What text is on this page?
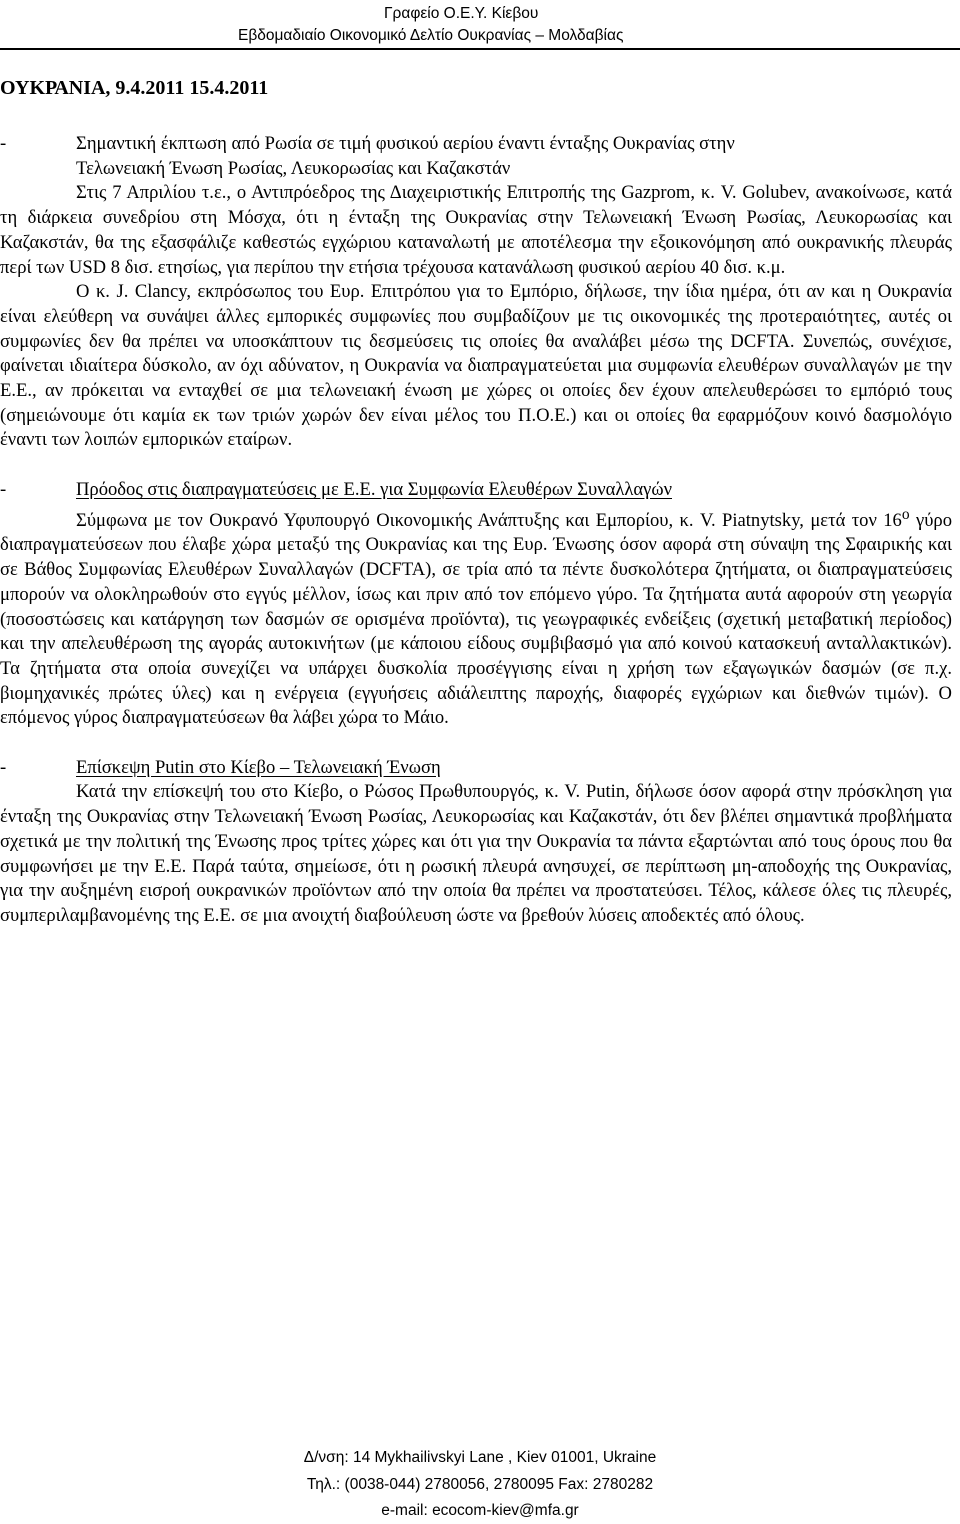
Γραφείο Ο.Ε.Υ. Κίεβου
Εβδομαδιαίο Οικονομικό Δελτίο Ουκρανίας – Μολδαβίας
ΟΥΚΡΑΝΙΑ, 9.4.2011 15.4.2011
-	Σημαντική έκπτωση από Ρωσία σε τιμή φυσικού αερίου έναντι ένταξης Ουκρανίας στην

Τελωνειακή Ένωση Ρωσίας, Λευκορωσίας και Καζακστάν

Στις 7 Απριλίου τ.ε., ο Αντιπρόεδρος της Διαχειριστικής Επιτροπής της Gazprom, κ. V. Golubev, ανακοίνωσε, κατά τη διάρκεια συνεδρίου στη Μόσχα, ότι η ένταξη της Ουκρανίας στην Τελωνειακή Ένωση Ρωσίας, Λευκορωσίας και Καζακστάν, θα της εξασφάλιζε καθεστώς εγχώριου καταναλωτή με αποτέλεσμα την εξοικονόμηση από ουκρανικής πλευράς περί των USD 8 δισ. ετησίως, για περίπου την ετήσια τρέχουσα κατανάλωση φυσικού αερίου 40 δισ. κ.μ.

Ο κ. J. Clancy, εκπρόσωπος του Ευρ. Επιτρόπου για το Εμπόριο, δήλωσε, την ίδια ημέρα, ότι αν και η Ουκρανία είναι ελεύθερη να συνάψει άλλες εμπορικές συμφωνίες που συμβαδίζουν με τις οικονομικές της προτεραιότητες, αυτές οι συμφωνίες δεν θα πρέπει να υποσκάπτουν τις δεσμεύσεις τις οποίες θα αναλάβει μέσω της DCFTA. Συνεπώς, συνέχισε, φαίνεται ιδιαίτερα δύσκολο, αν όχι αδύνατον, η Ουκρανία να διαπραγματεύεται μια συμφωνία ελευθέρων συναλλαγών με την Ε.Ε., αν πρόκειται να ενταχθεί σε μια τελωνειακή ένωση με χώρες οι οποίες δεν έχουν απελευθερώσει το εμπόριό τους (σημειώνουμε ότι καμία εκ των τριών χωρών δεν είναι μέλος του Π.Ο.Ε.) και οι οποίες θα εφαρμόζουν κοινό δασμολόγιο έναντι των λοιπών εμπορικών εταίρων.

-	Πρόοδος στις διαπραγματεύσεις με Ε.Ε. για Συμφωνία Ελευθέρων Συναλλαγών

Σύμφωνα με τον Ουκρανό Υφυπουργό Οικονομικής Ανάπτυξης και Εμπορίου, κ. V. Piatnytsky, μετά τον $16^o$ γύρο διαπραγματεύσεων που έλαβε χώρα μεταξύ της Ουκρανίας και της Ευρ. Ένωσης όσον αφορά στη σύναψη της Σφαιρικής και σε Βάθος Συμφωνίας Ελευθέρων Συναλλαγών (DCFTA), σε τρία από τα πέντε δυσκολότερα ζητήματα, οι διαπραγματεύσεις μπορούν να ολοκληρωθούν στο εγγύς μέλλον, ίσως και πριν από τον επόμενο γύρο. Τα ζητήματα αυτά αφορούν στη γεωργία (ποσοστώσεις και κατάργηση των δασμών σε ορισμένα προϊόντα), τις γεωγραφικές ενδείξεις (σχετική μεταβατική περίοδος) και την απελευθέρωση της αγοράς αυτοκινήτων (με κάποιου είδους συμβιβασμό για από κοινού κατασκευή ανταλλακτικών). Τα ζητήματα στα οποία συνεχίζει να υπάρχει δυσκολία προσέγγισης είναι η χρήση των εξαγωγικών δασμών (σε π.χ. βιομηχανικές πρώτες ύλες) και η ενέργεια (εγγυήσεις αδιάλειπτης παροχής, διαφορές εγχώριων και διεθνών τιμών). Ο επόμενος γύρος διαπραγματεύσεων θα λάβει χώρα το Μάιο.

-	Επίσκεψη Putin στο Κίεβο – Τελωνειακή Ένωση

Κατά την επίσκεψή του στο Κίεβο, ο Ρώσος Πρωθυπουργός, κ. V. Putin, δήλωσε όσον αφορά στην πρόσκληση για ένταξη της Ουκρανίας στην Τελωνειακή Ένωση Ρωσίας, Λευκορωσίας και Καζακστάν, ότι δεν βλέπει σημαντικά προβλήματα σχετικά με την πολιτική της Ένωσης προς τρίτες χώρες και ότι για την Ουκρανία τα πάντα εξαρτώνται από τους όρους που θα συμφωνήσει με την Ε.Ε. Παρά ταύτα, σημείωσε, ότι η ρωσική πλευρά ανησυχεί, σε περίπτωση μη-αποδοχής της Ουκρανίας, για την αυξημένη εισροή ουκρανικών προϊόντων από την οποία θα πρέπει να προστατεύσει. Τέλος, κάλεσε όλες τις πλευρές, συμπεριλαμβανομένης της Ε.Ε. σε μια ανοιχτή διαβούλευση ώστε να βρεθούν λύσεις αποδεκτές από όλους.

Δ/νση: 14 Mykhailivskyi Lane , Kiev 01001, Ukraine
Τηλ.: (0038-044) 2780056, 2780095 Fax: 2780282
e-mail: ecocom-kiev@mfa.gr
